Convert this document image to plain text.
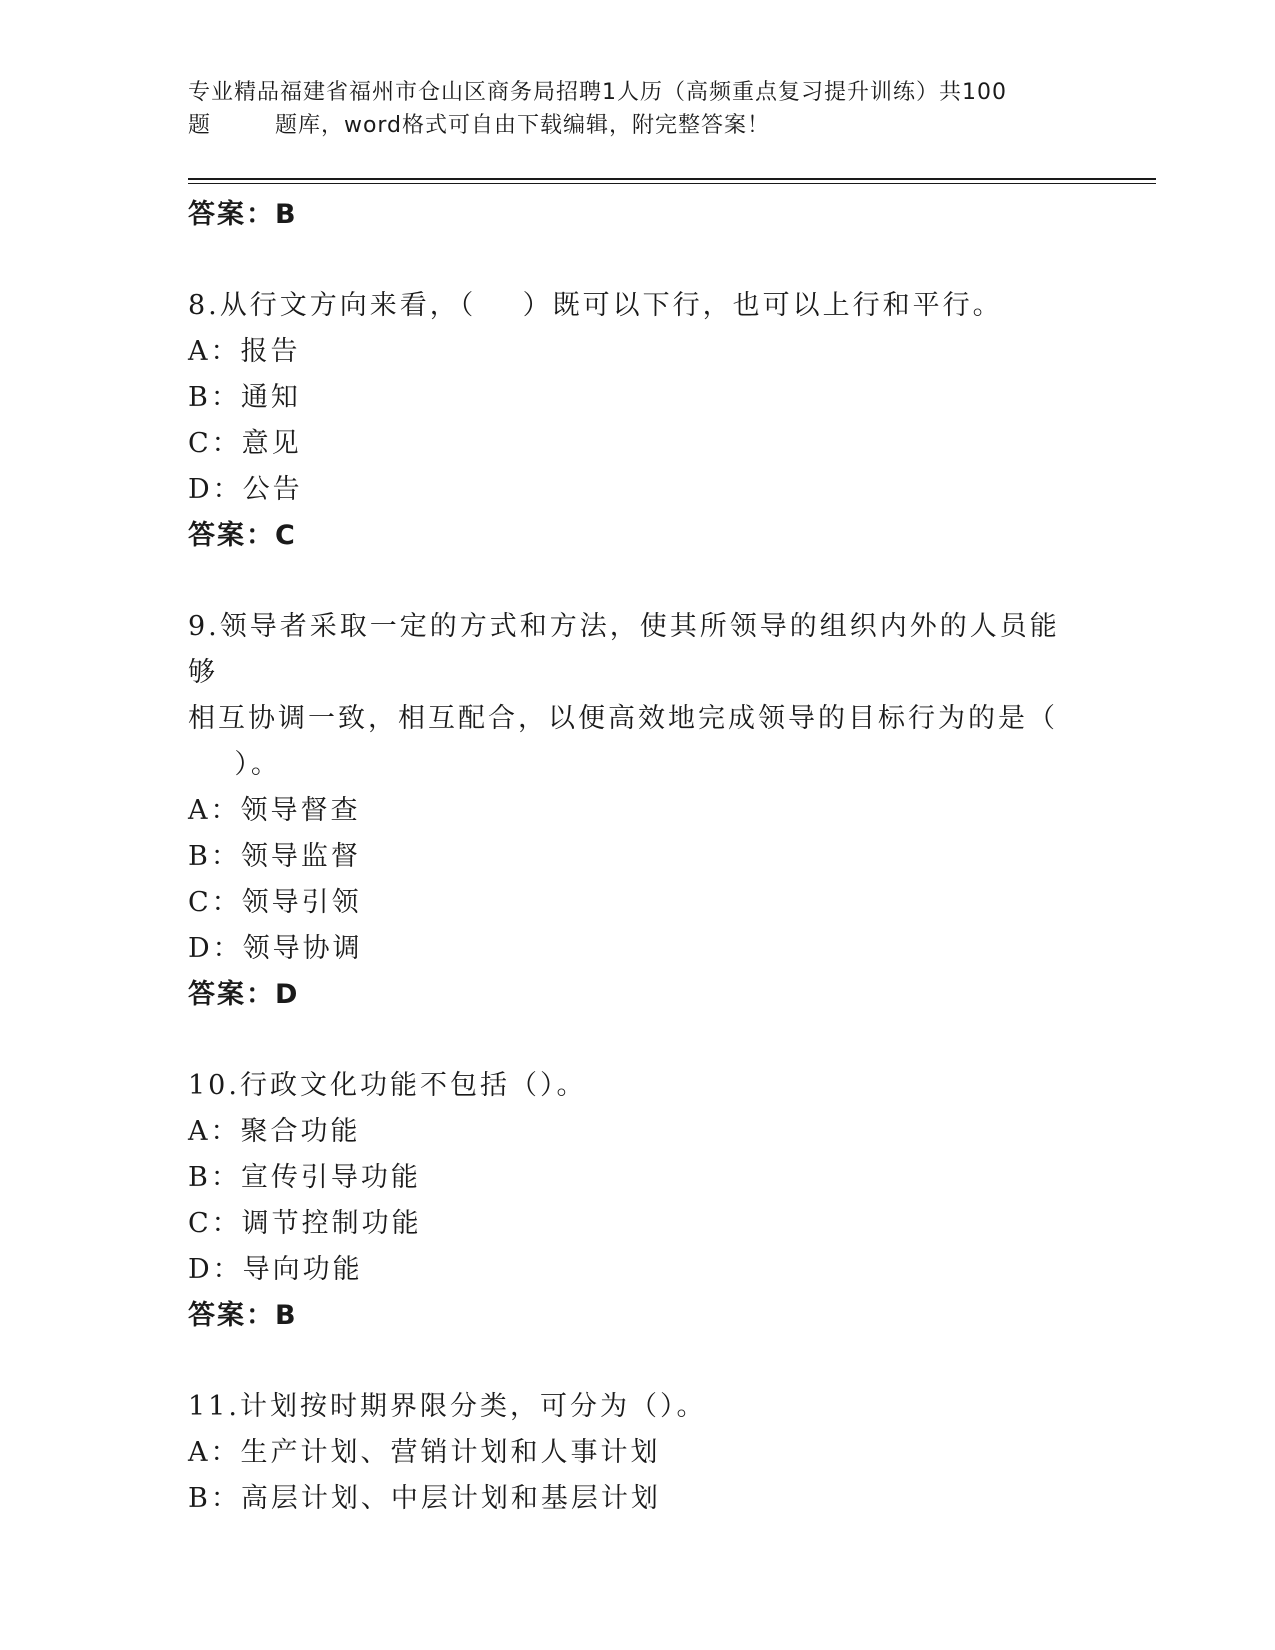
专业精品福建省福州市仓山区商务局招聘1人历（高频重点复习提升训练）共100

题        题库，word格式可自由下载编辑，附完整答案！
答案：B
8.从行文方向来看，（    ）既可以下行，也可以上行和平行。
A：报告
B：通知
C：意见
D：公告
答案：C
9.领导者采取一定的方式和方法，使其所领导的组织内外的人员能够
相互协调一致，相互配合，以便高效地完成领导的目标行为的是（
）。
A：领导督查
B：领导监督
C：领导引领
D：领导协调
答案：D
10.行政文化功能不包括（）。
A：聚合功能
B：宣传引导功能
C：调节控制功能
D：导向功能
答案：B
11.计划按时期界限分类，可分为（）。
A：生产计划、营销计划和人事计划
B：高层计划、中层计划和基层计划
